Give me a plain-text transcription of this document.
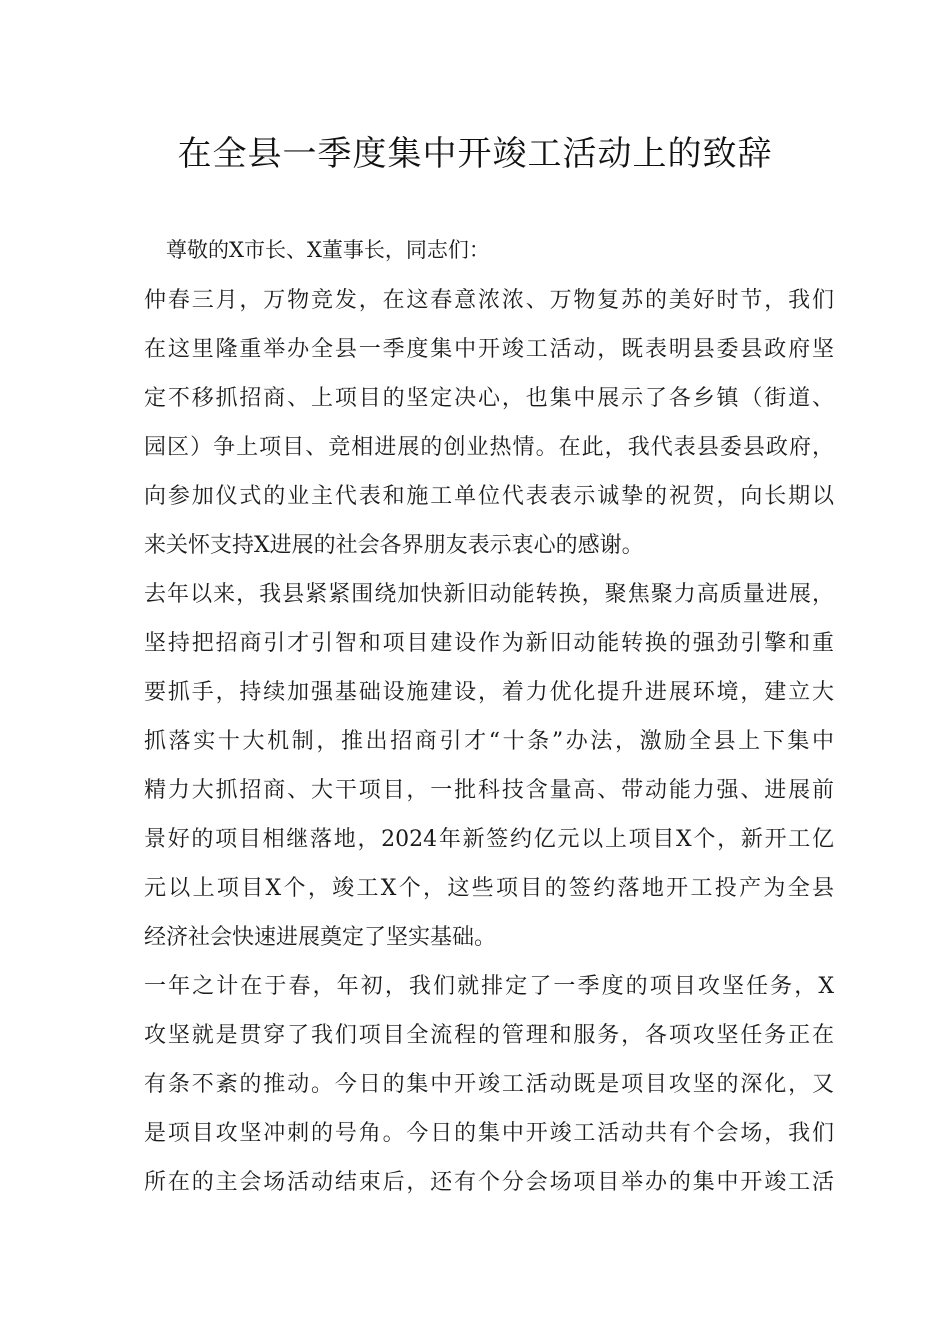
在全县一季度集中开竣工活动上的致辞
尊敬的X市长、X董事长，同志们：
仲春三月，万物竞发，在这春意浓浓、万物复苏的美好时节，我们
在这里隆重举办全县一季度集中开竣工活动，既表明县委县政府坚
定不移抓招商、上项目的坚定决心，也集中展示了各乡镇（街道、
园区）争上项目、竞相进展的创业热情。在此，我代表县委县政府，
向参加仪式的业主代表和施工单位代表表示诚挚的祝贺，向长期以
来关怀支持X进展的社会各界朋友表示衷心的感谢。
去年以来，我县紧紧围绕加快新旧动能转换，聚焦聚力高质量进展，
坚持把招商引才引智和项目建设作为新旧动能转换的强劲引擎和重
要抓手，持续加强基础设施建设，着力优化提升进展环境，建立大
抓落实十大机制，推出招商引才“十条”办法，激励全县上下集中
精力大抓招商、大干项目，一批科技含量高、带动能力强、进展前
景好的项目相继落地，2024年新签约亿元以上项目X个，新开工亿
元以上项目X个，竣工X个，这些项目的签约落地开工投产为全县
经济社会快速进展奠定了坚实基础。
一年之计在于春，年初，我们就排定了一季度的项目攻坚任务，X
攻坚就是贯穿了我们项目全流程的管理和服务，各项攻坚任务正在
有条不紊的推动。今日的集中开竣工活动既是项目攻坚的深化，又
是项目攻坚冲刺的号角。今日的集中开竣工活动共有个会场，我们
所在的主会场活动结束后，还有个分会场项目举办的集中开竣工活
